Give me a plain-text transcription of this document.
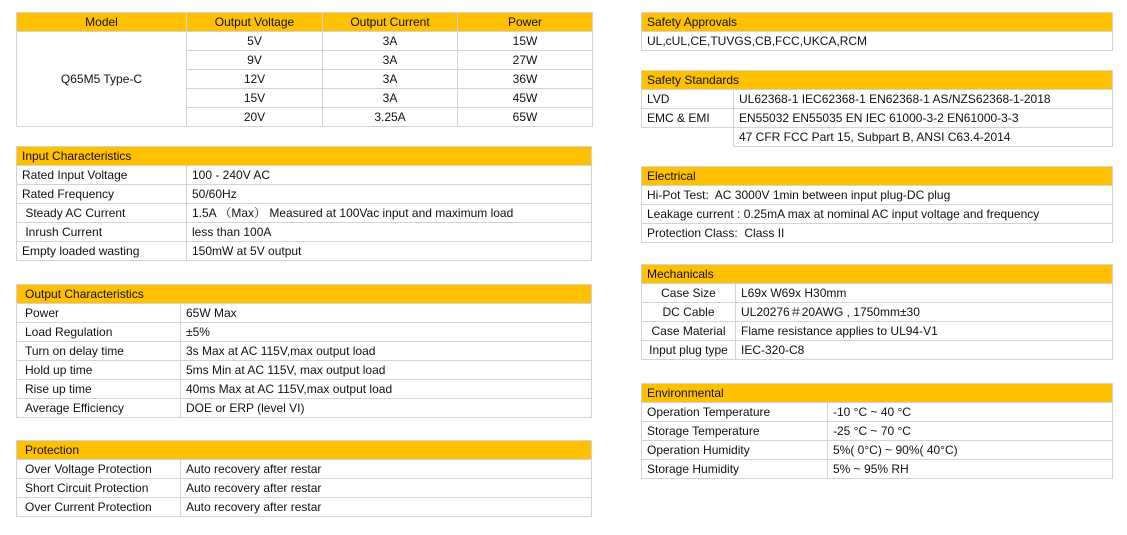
Model	Output Voltage	Output Current	Power
Q65M5 Type-C	5V	3A	15W
	9V	3A	27W
	12V	3A	36W
	15V	3A	45W
	20V	3.25A	65W
Input Characteristics	
Rated Input Voltage	100 - 240V AC
Rated Frequency	50/60Hz
Steady AC Current	1.5A （Max） Measured at 100Vac input and maximum load
Inrush Current	less than 100A
Empty loaded wasting	150mW at 5V output
Output Characteristics	
Power	65W Max
Load Regulation	±5%
Turn on delay time	3s Max at AC 115V,max output load
Hold up time	5ms Min at AC 115V, max output load
Rise up time	40ms Max at AC 115V,max output load
Average Efficiency	DOE or ERP (level VI)
Protection	
Over Voltage Protection	Auto recovery after restar
Short Circuit Protection	Auto recovery after restar
Over Current Protection	Auto recovery after restar
Safety Approvals
UL,cUL,CE,TUVGS,CB,FCC,UKCA,RCM
Safety Standards	
LVD	UL62368-1 IEC62368-1 EN62368-1 AS/NZS62368-1-2018
EMC & EMI	EN55032 EN55035 EN IEC 61000-3-2 EN61000-3-3
	47 CFR FCC Part 15, Subpart B, ANSI C63.4-2014
Electrical
Hi-Pot Test:  AC 3000V 1min between input plug-DC plug
Leakage current : 0.25mA max at nominal AC input voltage and frequency
Protection Class:  Class II
Mechanicals	
Case Size	L69x W69x H30mm
DC Cable	UL20276＃20AWG , 1750mm±30
Case Material	Flame resistance applies to UL94-V1
Input plug type	IEC-320-C8
Environmental	
Operation Temperature	-10 °C ~ 40 °C
Storage Temperature	-25 °C ~ 70 °C
Operation Humidity	5%( 0°C) ~ 90%( 40°C)
Storage Humidity	5% ~ 95% RH
